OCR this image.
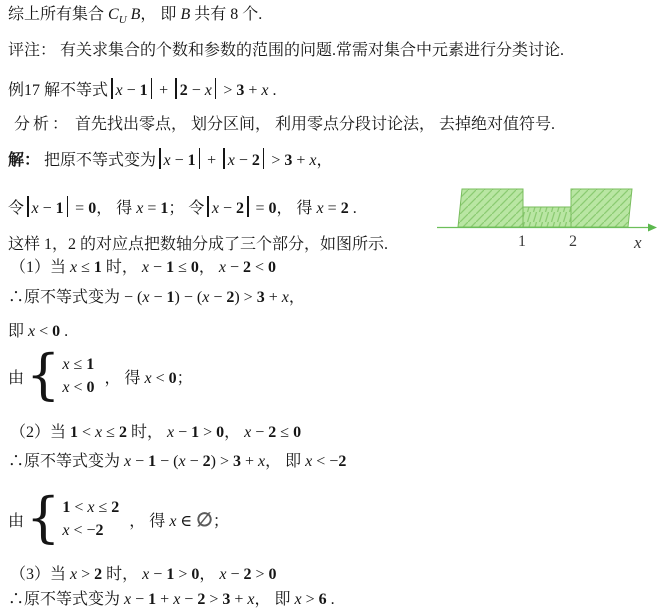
综上所有集合 $C_U$ B， 即 B 共有 8 个.
评注： 有关求集合的个数和参数的范围的问题.常需对集合中元素进行分类讨论.
例17 解不等式 x − 1 + 2 − x > 3 + x .
分析： 首先找出零点， 划分区间， 利用零点分段讨论法， 去掉绝对值符号.
解： 把原不等式变为 x − 1 + x − 2 > 3 + x，
令 x − 1 = 0， 得 x = 1； 令 x − 2 = 0， 得 x = 2 .
这样 1，2 的对应点把数轴分成了三个部分，如图所示.
（1）当 x ≤ 1 时， x − 1 ≤ 0， x − 2 < 0
∴原不等式变为 − (x − 1) − (x − 2) > 3 + x，
即 x < 0 .
由 { x ≤ 1
x < 0
， 得 x < 0；
（2）当 1 < x ≤ 2 时， x − 1 > 0， x − 2 ≤ 0
∴原不等式变为 x − 1 − (x − 2) > 3 + x， 即 x < −2
由 { 1 < x ≤ 2
x < −2
， 得 x ∈ ∅；
（3）当 x > 2 时， x − 1 > 0， x − 2 > 0
∴原不等式变为 x − 1 + x − 2 > 3 + x， 即 x > 6 .
1	2	x
